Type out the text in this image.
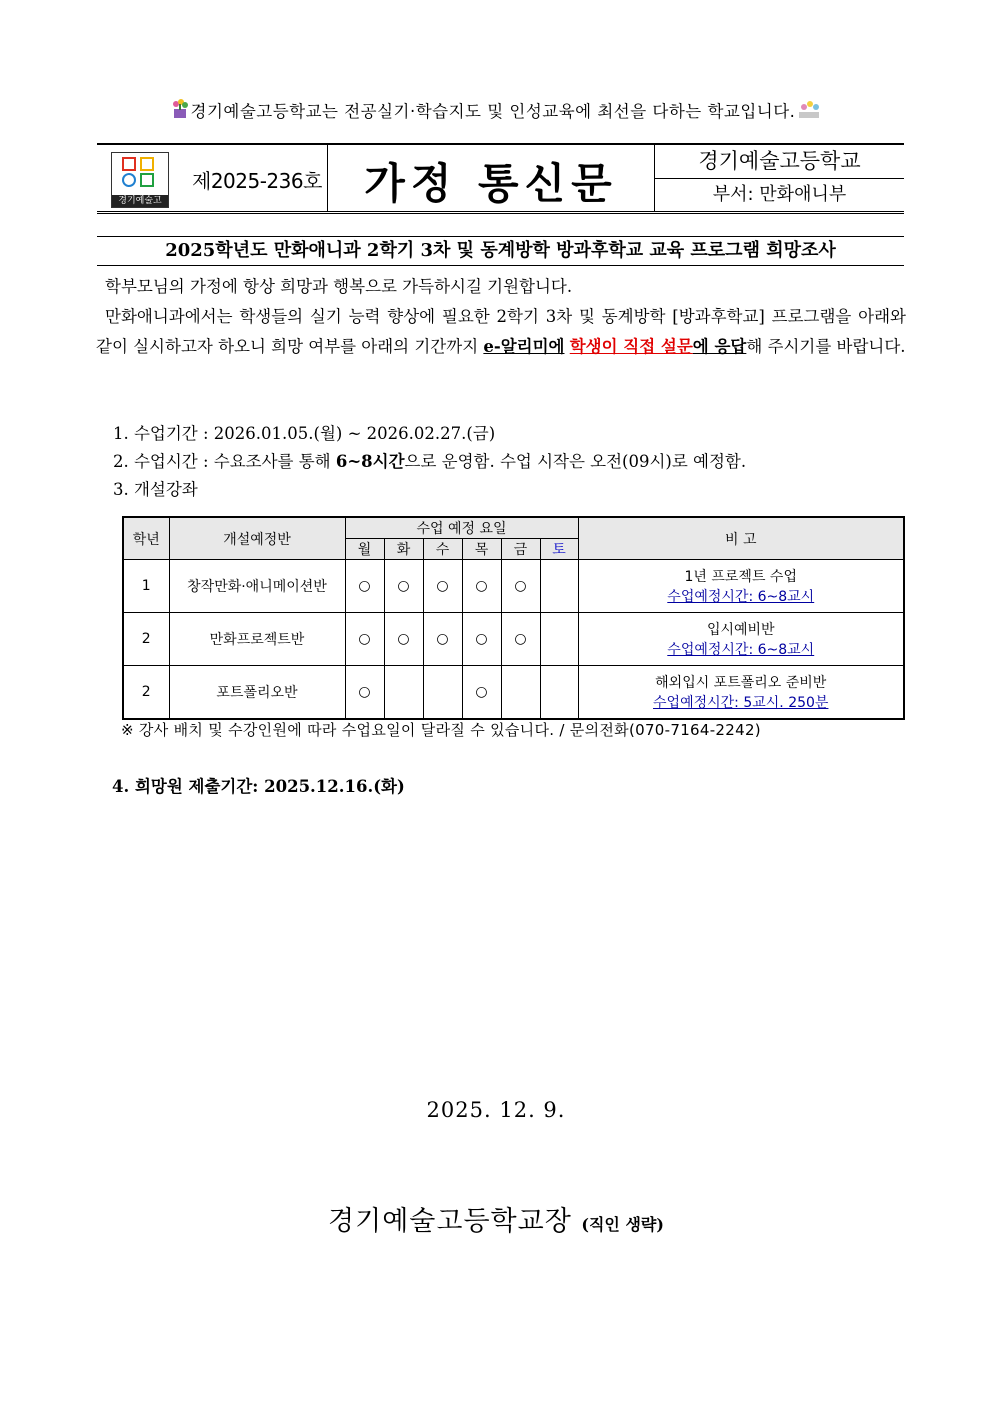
경기예술고등학교는 전공실기·학습지도 및 인성교육에 최선을 다하는 학교입니다.
경기예술고
제2025-236호	가정 통신문	경기예술고등학교
부서: 만화애니부
2025학년도 만화애니과 2학기 3차 및 동계방학 방과후학교 교육 프로그램 희망조사
학부모님의 가정에 항상 희망과 행복으로 가득하시길 기원합니다.
만화애니과에서는 학생들의 실기 능력 향상에 필요한 2학기 3차 및 동계방학 [방과후학교] 프로그램을 아래와 같이 실시하고자 하오니 희망 여부를 아래의 기간까지 e-알리미에 학생이 직접 설문에 응답해 주시기를 바랍니다.
1. 수업기간 : 2026.01.05.(월) ~ 2026.02.27.(금)
2. 수업시간 : 수요조사를 통해 6~8시간으로 운영함. 수업 시작은 오전(09시)로 예정함.
3. 개설강좌
학년	개설예정반	수업 예정 요일						비 고
		월	화	수	목	금	토	
1	창작만화·애니메이션반	○	○	○	○	○		1년 프로젝트 수업
수업예정시간: 6~8교시

2	만화프로젝트반	○	○	○	○	○		입시예비반
수업예정시간: 6~8교시

2	포트폴리오반	○			○			해외입시 포트폴리오 준비반
수업예정시간: 5교시. 250분
※ 강사 배치 및 수강인원에 따라 수업요일이 달라질 수 있습니다. / 문의전화(070-7164-2242)
4. 희망원 제출기간: 2025.12.16.(화)
2025. 12. 9.
경기예술고등학교장 (직인 생략)
